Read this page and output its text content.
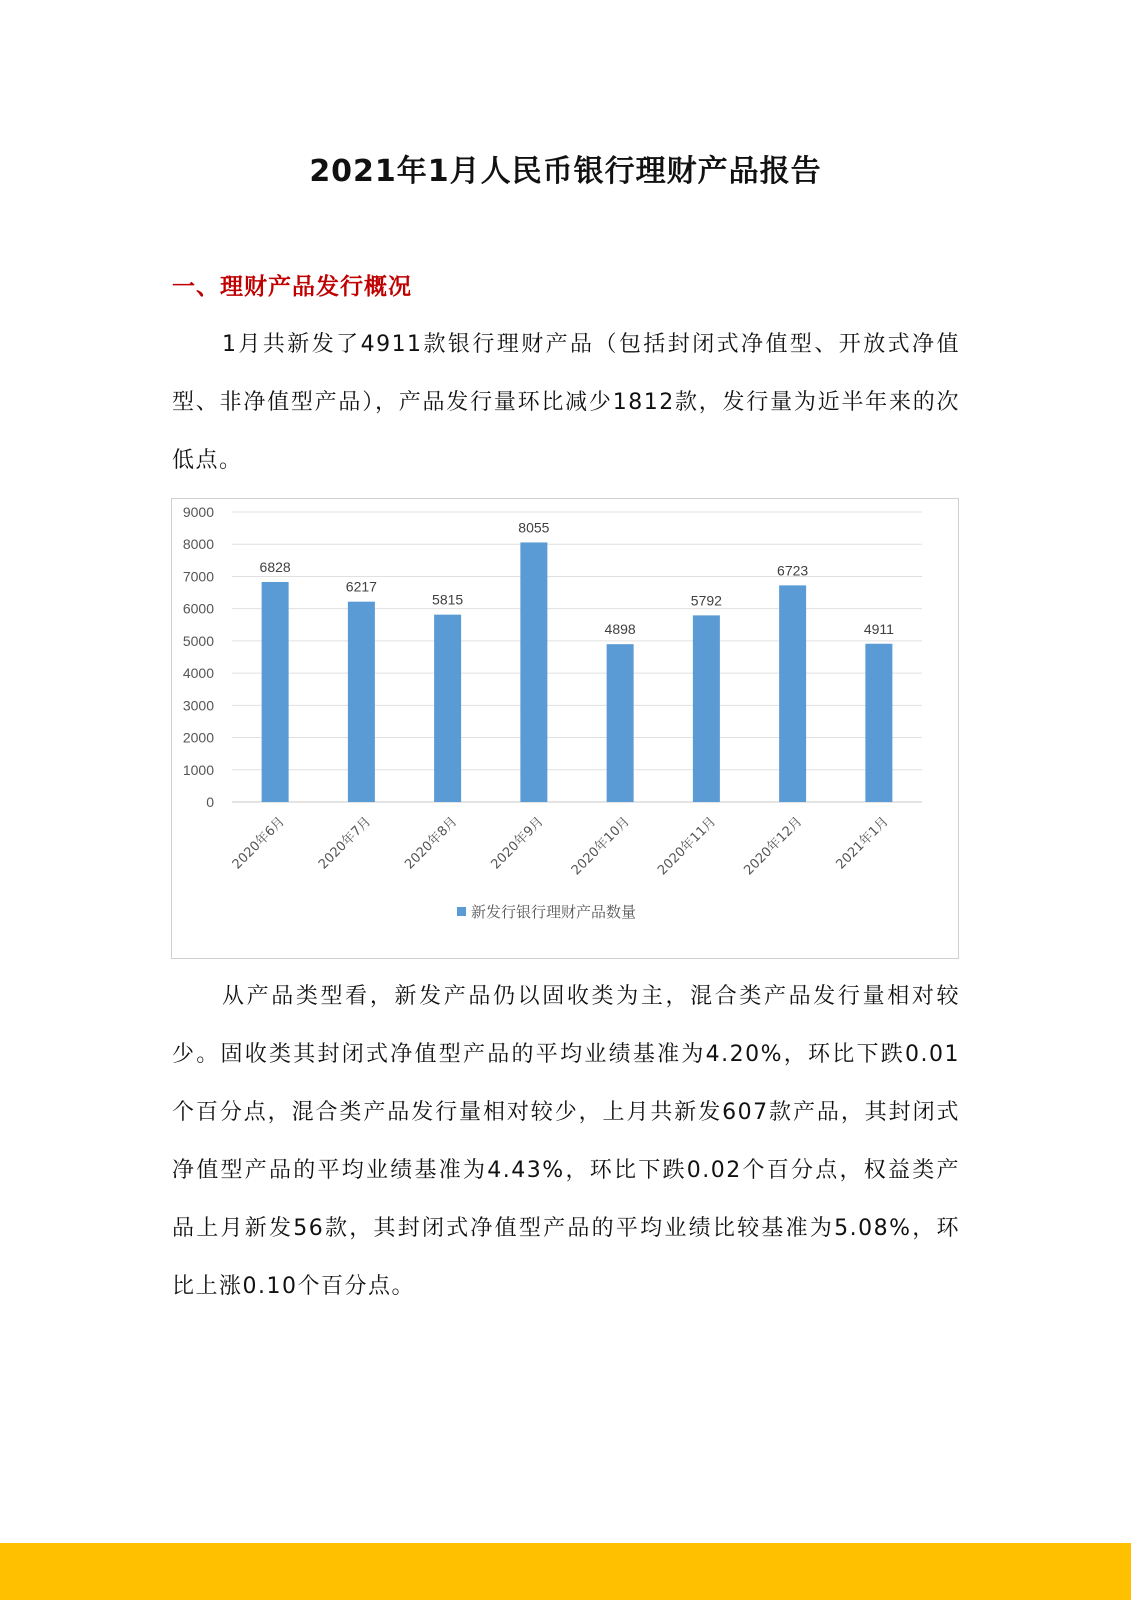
2021年1月人民币银行理财产品报告
一、理财产品发行概况

1月共新发了4911款银行理财产品（包括封闭式净值型、开放式净值型、非净值型产品），产品发行量环比减少1812款，发行量为近半年来的次低点。

0
1000
2000
3000
4000
5000
6000
7000
8000
9000
6828
6217
5815
8055
4898
5792
6723
4911
2020年6月 2020年7月 2020年8月 2020年9月 2020年10月 2020年11月 2020年12月 2021年1月
新发行银行理财产品数量

从产品类型看，新发产品仍以固收类为主，混合类产品发行量相对较少。固收类其封闭式净值型产品的平均业绩基准为4.20%，环比下跌0.01个百分点，混合类产品发行量相对较少，上月共新发607款产品，其封闭式净值型产品的平均业绩基准为4.43%，环比下跌0.02个百分点，权益类产品上月新发56款，其封闭式净值型产品的平均业绩比较基准为5.08%，环比上涨0.10个百分点。
